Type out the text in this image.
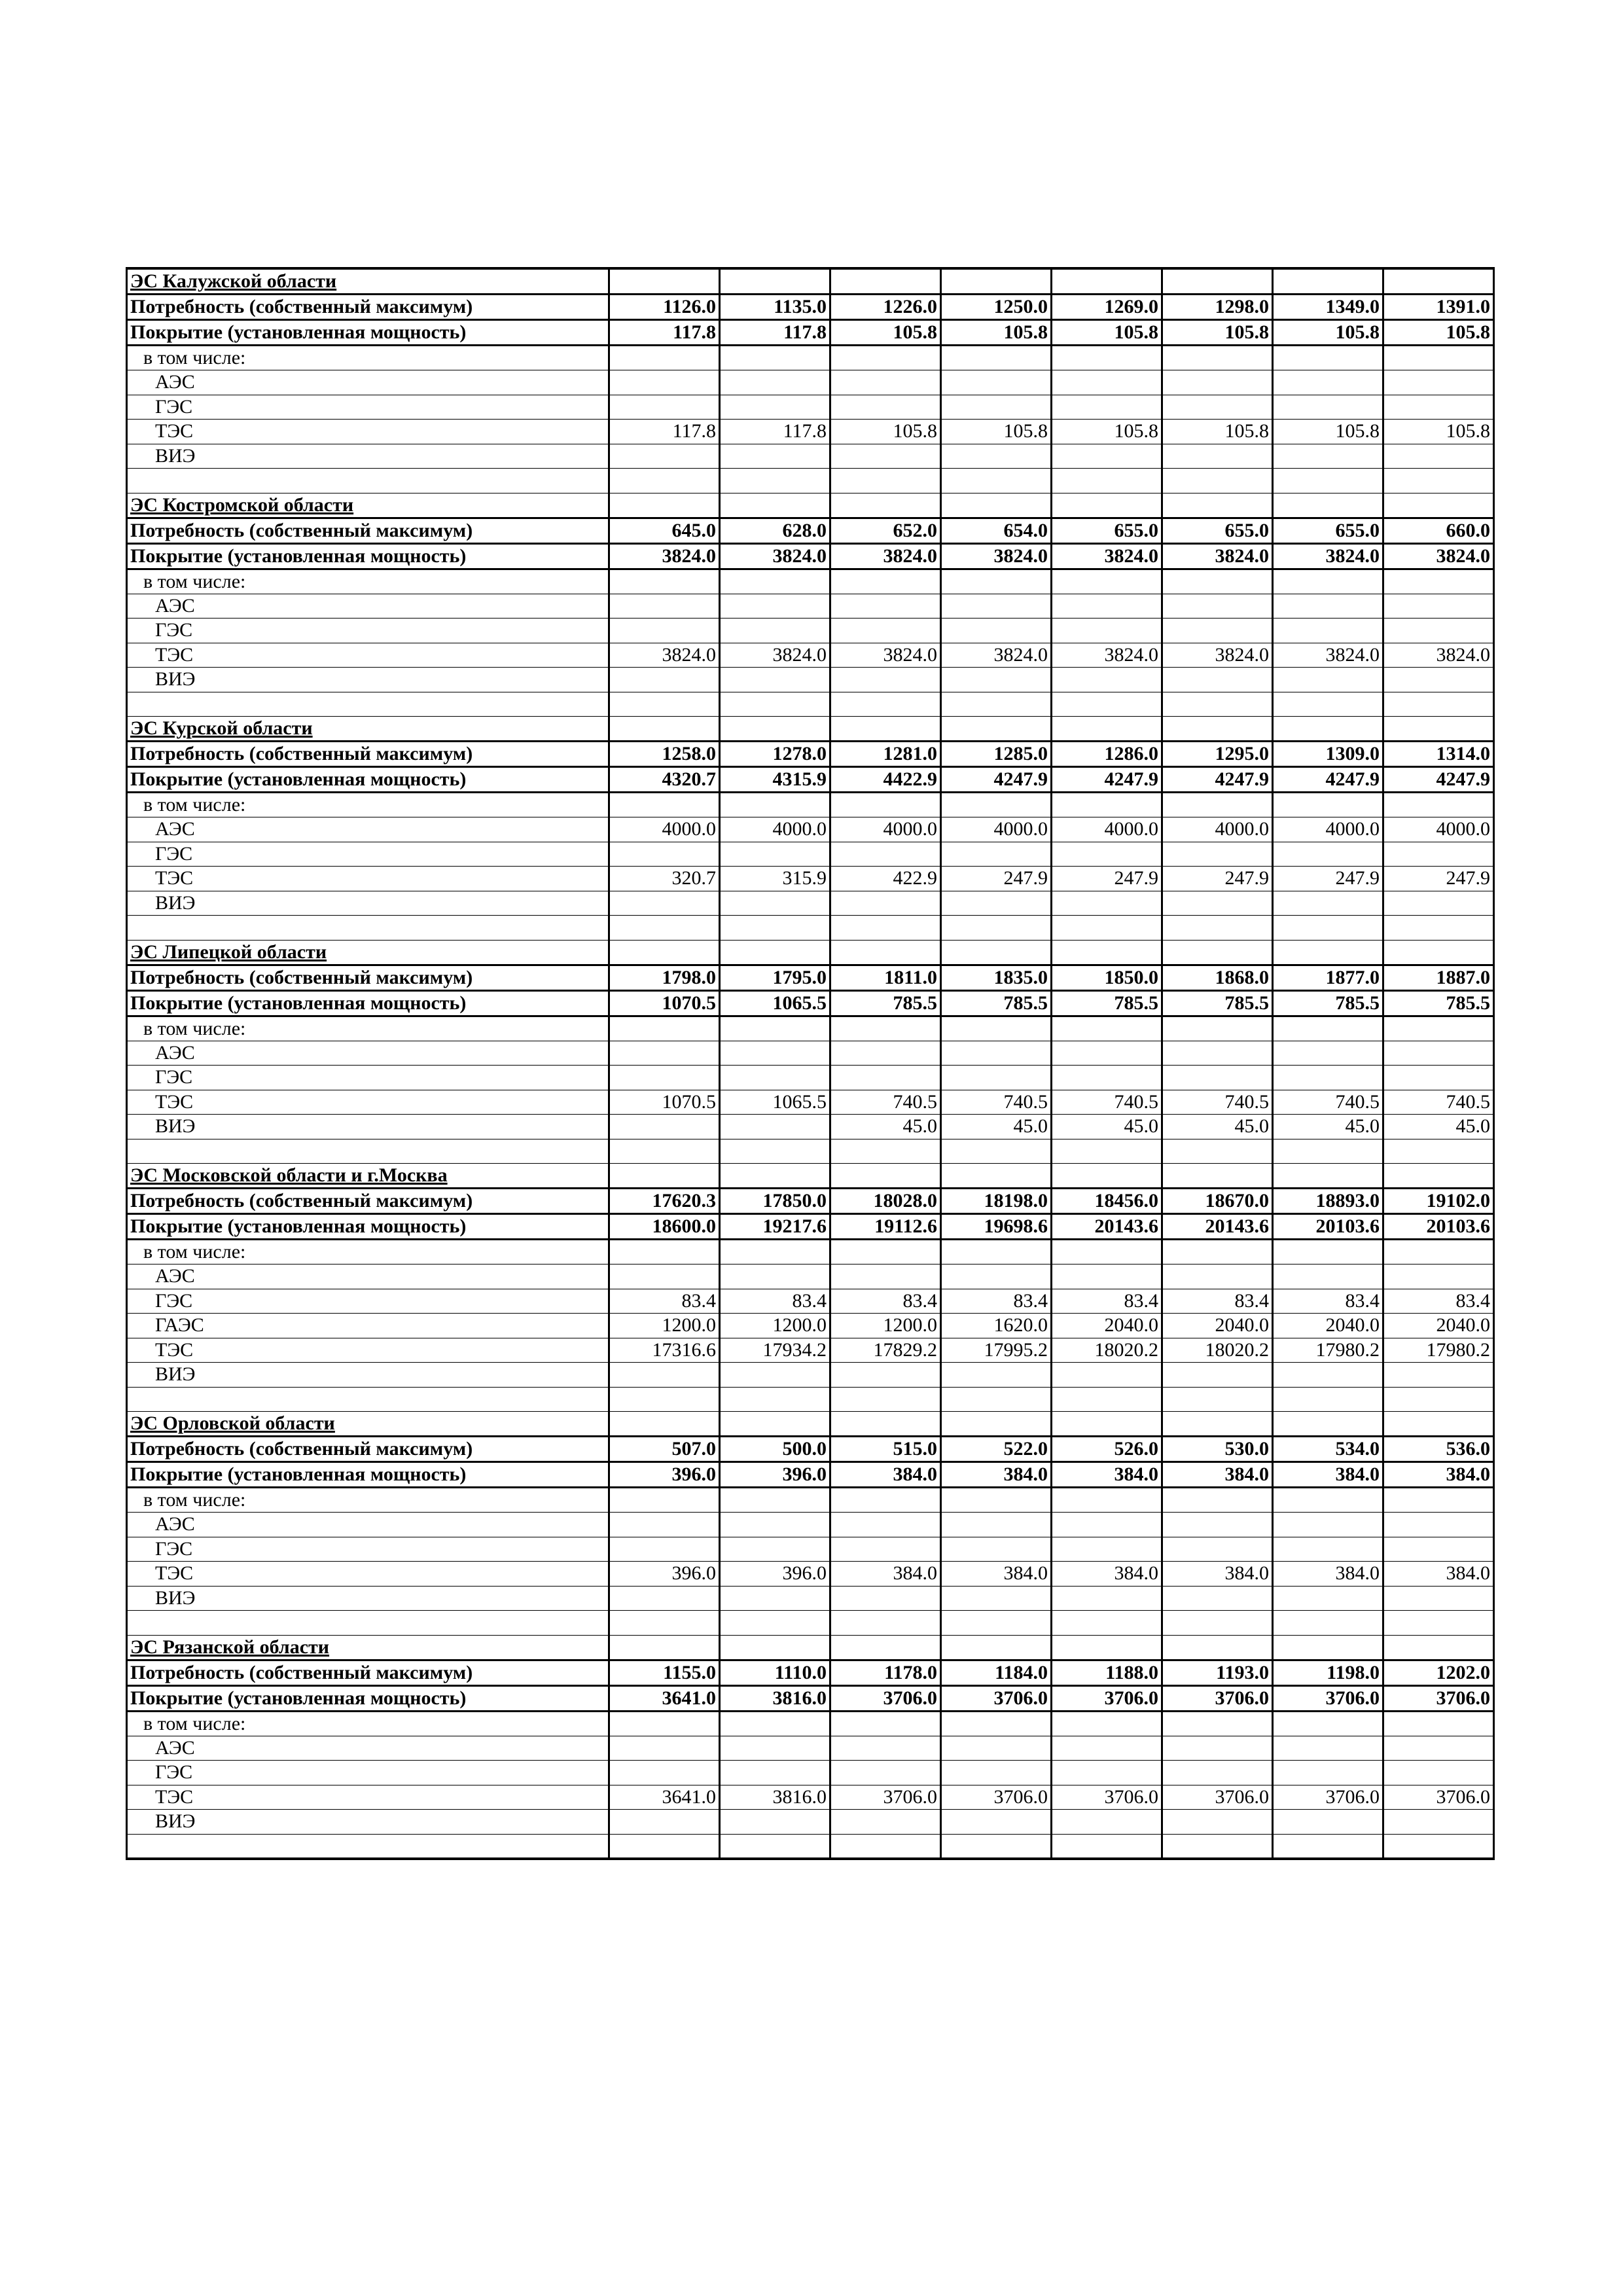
ЭС Калужской области								
Потребность (собственный максимум)	1126.0	1135.0	1226.0	1250.0	1269.0	1298.0	1349.0	1391.0
Покрытие (установленная мощность)	117.8	117.8	105.8	105.8	105.8	105.8	105.8	105.8
в том числе:								
АЭС								
ГЭС								
ТЭС	117.8	117.8	105.8	105.8	105.8	105.8	105.8	105.8
ВИЭ								

ЭС Костромской области								
Потребность (собственный максимум)	645.0	628.0	652.0	654.0	655.0	655.0	655.0	660.0
Покрытие (установленная мощность)	3824.0	3824.0	3824.0	3824.0	3824.0	3824.0	3824.0	3824.0
в том числе:								
АЭС								
ГЭС								
ТЭС	3824.0	3824.0	3824.0	3824.0	3824.0	3824.0	3824.0	3824.0
ВИЭ								

ЭС Курской области								
Потребность (собственный максимум)	1258.0	1278.0	1281.0	1285.0	1286.0	1295.0	1309.0	1314.0
Покрытие (установленная мощность)	4320.7	4315.9	4422.9	4247.9	4247.9	4247.9	4247.9	4247.9
в том числе:								
АЭС	4000.0	4000.0	4000.0	4000.0	4000.0	4000.0	4000.0	4000.0
ГЭС								
ТЭС	320.7	315.9	422.9	247.9	247.9	247.9	247.9	247.9
ВИЭ								

ЭС Липецкой области								
Потребность (собственный максимум)	1798.0	1795.0	1811.0	1835.0	1850.0	1868.0	1877.0	1887.0
Покрытие (установленная мощность)	1070.5	1065.5	785.5	785.5	785.5	785.5	785.5	785.5
в том числе:								
АЭС								
ГЭС								
ТЭС	1070.5	1065.5	740.5	740.5	740.5	740.5	740.5	740.5
ВИЭ			45.0	45.0	45.0	45.0	45.0	45.0

ЭС Московской области и г.Москва								
Потребность (собственный максимум)	17620.3	17850.0	18028.0	18198.0	18456.0	18670.0	18893.0	19102.0
Покрытие (установленная мощность)	18600.0	19217.6	19112.6	19698.6	20143.6	20143.6	20103.6	20103.6
в том числе:								
АЭС								
ГЭС	83.4	83.4	83.4	83.4	83.4	83.4	83.4	83.4
ГАЭС	1200.0	1200.0	1200.0	1620.0	2040.0	2040.0	2040.0	2040.0
ТЭС	17316.6	17934.2	17829.2	17995.2	18020.2	18020.2	17980.2	17980.2
ВИЭ								

ЭС Орловской области								
Потребность (собственный максимум)	507.0	500.0	515.0	522.0	526.0	530.0	534.0	536.0
Покрытие (установленная мощность)	396.0	396.0	384.0	384.0	384.0	384.0	384.0	384.0
в том числе:								
АЭС								
ГЭС								
ТЭС	396.0	396.0	384.0	384.0	384.0	384.0	384.0	384.0
ВИЭ								

ЭС Рязанской области								
Потребность (собственный максимум)	1155.0	1110.0	1178.0	1184.0	1188.0	1193.0	1198.0	1202.0
Покрытие (установленная мощность)	3641.0	3816.0	3706.0	3706.0	3706.0	3706.0	3706.0	3706.0
в том числе:								
АЭС								
ГЭС								
ТЭС	3641.0	3816.0	3706.0	3706.0	3706.0	3706.0	3706.0	3706.0
ВИЭ								
